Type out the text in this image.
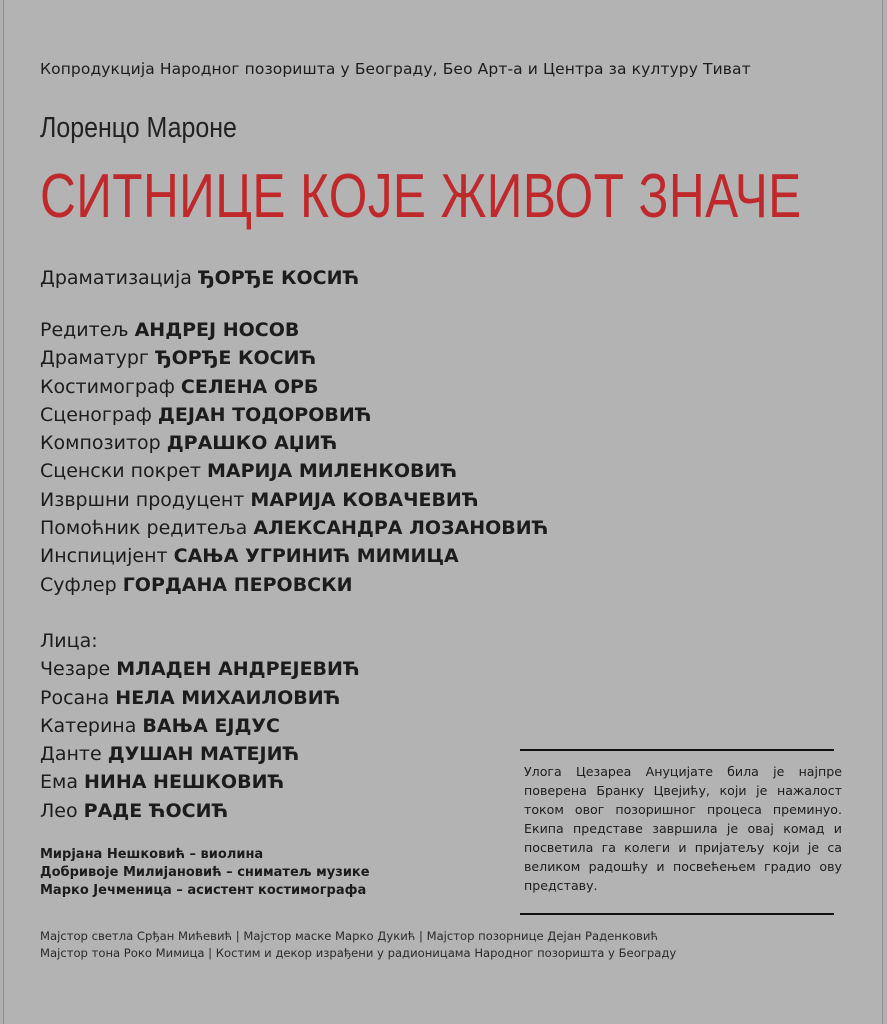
Копродукција Народног позоришта у Београду, Бео Арт-а и Центра за културу Тиват
Лоренцо Мароне
СИТНИЦЕ КОЈЕ ЖИВОТ ЗНАЧЕ
Драматизација ЂОРЂЕ КОСИЋ
Редитељ АНДРЕЈ НОСОВ
Драматург ЂОРЂЕ КОСИЋ
Костимограф СЕЛЕНА ОРБ
Сценограф ДЕЈАН ТОДОРОВИЋ
Композитор ДРАШКО АЏИЋ
Сценски покрет МАРИЈА МИЛЕНКОВИЋ
Извршни продуцент МАРИЈА КОВАЧЕВИЋ
Помоћник редитеља АЛЕКСАНДРА ЛОЗАНОВИЋ
Инспицијент САЊА УГРИНИЋ МИМИЦА
Суфлер ГОРДАНА ПЕРОВСКИ
Лица:
Чезаре МЛАДЕН АНДРЕЈЕВИЋ
Росана НЕЛА МИХАИЛОВИЋ
Катерина ВАЊА ЕЈДУС
Данте ДУШАН МАТЕЈИЋ
Ема НИНА НЕШКОВИЋ
Лео РАДЕ ЋОСИЋ
Мирјана Нешковић – виолина
Добривоје Милијановић – сниматељ музике
Марко Јечменица – асистент костимографа
Мајстор светла Срђан Мићевић | Мајстор маске Марко Дукић | Мајстор позорнице Дејан Раденковић
Мајстор тона Роко Мимица | Костим и декор израђени у радионицама Народног позоришта у Београду
Улога Цезареа Ануцијате била је најпре поверена Бранку Цвејићу, који је нажалост током овог позоришног процеса преминуо. Екипа представе завршила је овај комад и посветила га колеги и пријатељу који је са великом радошћу и посвећењем градио ову представу.
